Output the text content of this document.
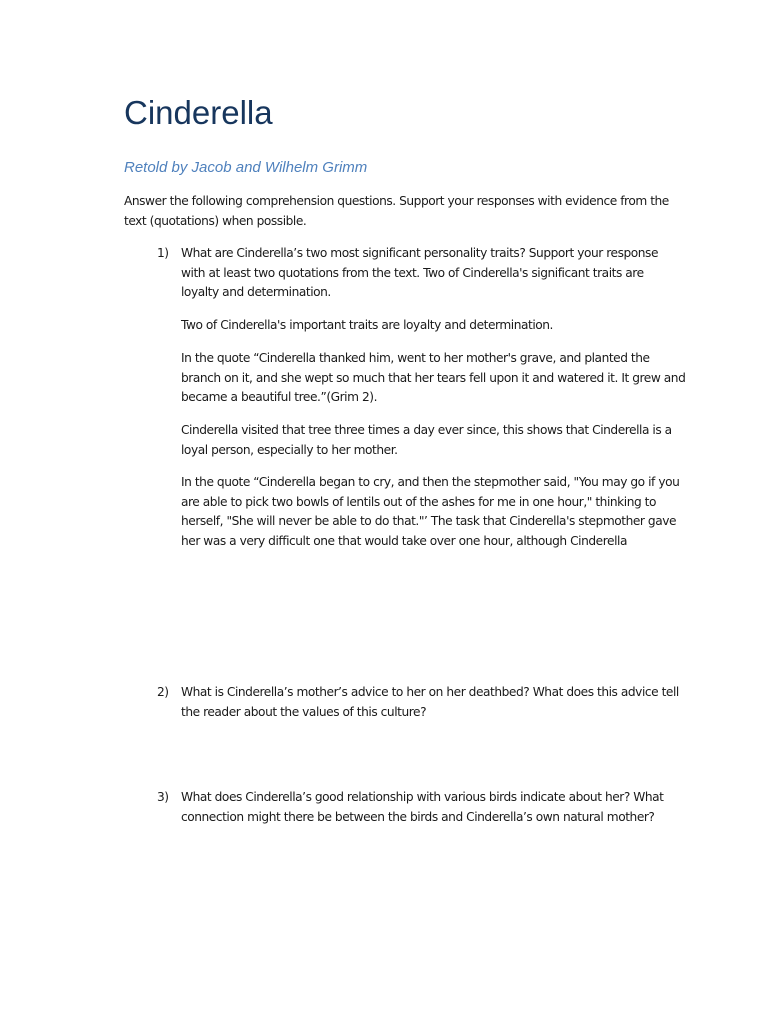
Cinderella

Retold by Jacob and Wilhelm Grimm

Answer the following comprehension questions. Support your responses with evidence from the text (quotations) when possible.

1) What are Cinderella’s two most significant personality traits? Support your response with at least two quotations from the text. Two of Cinderella's significant traits are loyalty and determination.

Two of Cinderella's important traits are loyalty and determination.

In the quote “Cinderella thanked him, went to her mother's grave, and planted the branch on it, and she wept so much that her tears fell upon it and watered it. It grew and became a beautiful tree.”(Grim 2).

Cinderella visited that tree three times a day ever since, this shows that Cinderella is a loyal person, especially to her mother.

In the quote “Cinderella began to cry, and then the stepmother said, "You may go if you are able to pick two bowls of lentils out of the ashes for me in one hour," thinking to herself, "She will never be able to do that."’ The task that Cinderella's stepmother gave her was a very difficult one that would take over one hour, although Cinderella

2) What is Cinderella’s mother’s advice to her on her deathbed? What does this advice tell the reader about the values of this culture?
3) What does Cinderella’s good relationship with various birds indicate about her? What connection might there be between the birds and Cinderella’s own natural mother?
